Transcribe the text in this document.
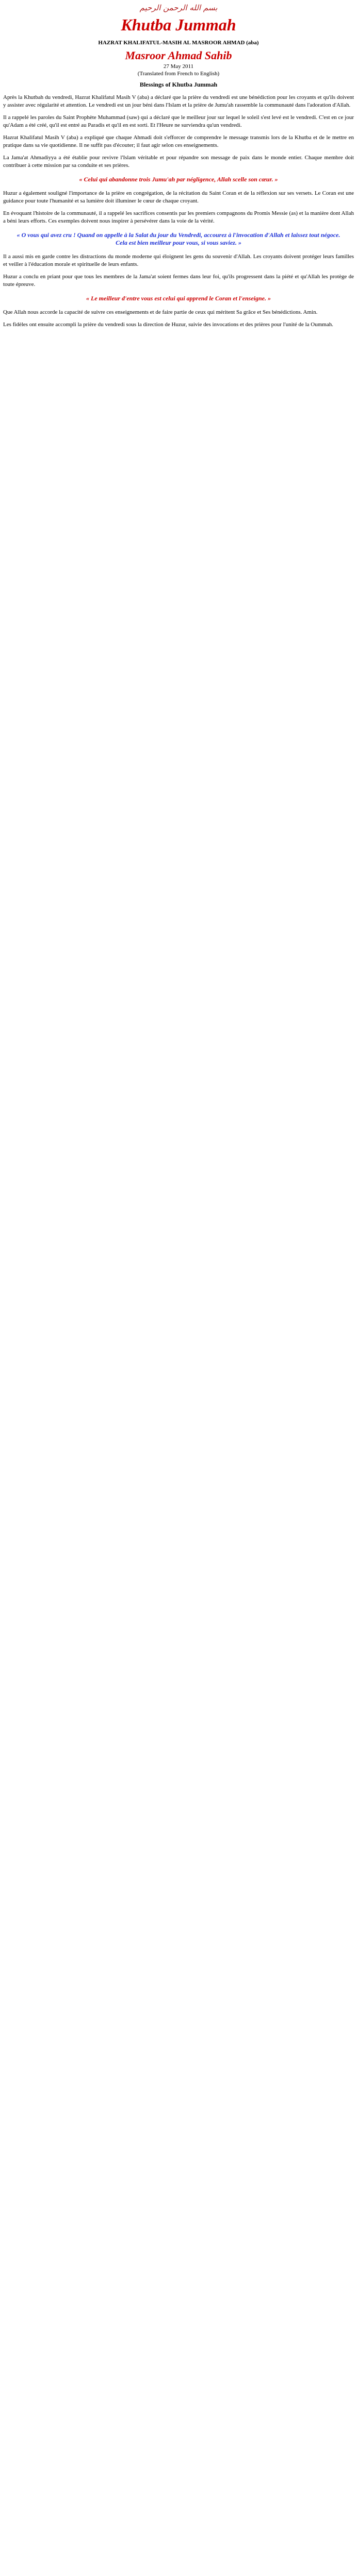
بسم الله الرحمن الرحيم
Khutba Jummah
HAZRAT KHALIFATUL-MASIH AL MASROOR AHMAD (aba)
Masroor Ahmad Sahib
27 May 2011
(Translated from French to English)
Blessings of Khutba Jummah

Après la Khutbah du vendredi, Hazrat Khalifatul Masih V (aba) a déclaré que la prière du vendredi est une bénédiction pour les croyants et qu'ils doivent y assister avec régularité et attention. Le vendredi est un jour béni dans l'Islam et la prière de Jumu'ah rassemble la communauté dans l'adoration d'Allah.

Il a rappelé les paroles du Saint Prophète Muhammad (saw) qui a déclaré que le meilleur jour sur lequel le soleil s'est levé est le vendredi. C'est en ce jour qu'Adam a été créé, qu'il est entré au Paradis et qu'il en est sorti. Et l'Heure ne surviendra qu'un vendredi.

Hazrat Khalifatul Masih V (aba) a expliqué que chaque Ahmadi doit s'efforcer de comprendre le message transmis lors de la Khutba et de le mettre en pratique dans sa vie quotidienne. Il ne suffit pas d'écouter; il faut agir selon ces enseignements.

La Jama'at Ahmadiyya a été établie pour revivre l'Islam véritable et pour répandre son message de paix dans le monde entier. Chaque membre doit contribuer à cette mission par sa conduite et ses prières.

« Celui qui abandonne trois Jumu'ah par négligence, Allah scelle son cœur. »

Huzur a également souligné l'importance de la prière en congrégation, de la récitation du Saint Coran et de la réflexion sur ses versets. Le Coran est une guidance pour toute l'humanité et sa lumière doit illuminer le cœur de chaque croyant.

En évoquant l'histoire de la communauté, il a rappelé les sacrifices consentis par les premiers compagnons du Promis Messie (as) et la manière dont Allah a béni leurs efforts. Ces exemples doivent nous inspirer à persévérer dans la voie de la vérité.

« O vous qui avez cru ! Quand on appelle à la Salat du jour du Vendredi, accourez à l'invocation d'Allah et laissez tout négoce. Cela est bien meilleur pour vous, si vous saviez. »

Il a aussi mis en garde contre les distractions du monde moderne qui éloignent les gens du souvenir d'Allah. Les croyants doivent protéger leurs familles et veiller à l'éducation morale et spirituelle de leurs enfants.

Huzur a conclu en priant pour que tous les membres de la Jama'at soient fermes dans leur foi, qu'ils progressent dans la piété et qu'Allah les protège de toute épreuve.

« Le meilleur d'entre vous est celui qui apprend le Coran et l'enseigne. »

Que Allah nous accorde la capacité de suivre ces enseignements et de faire partie de ceux qui méritent Sa grâce et Ses bénédictions. Amin.

Les fidèles ont ensuite accompli la prière du vendredi sous la direction de Huzur, suivie des invocations et des prières pour l'unité de la Oummah.
